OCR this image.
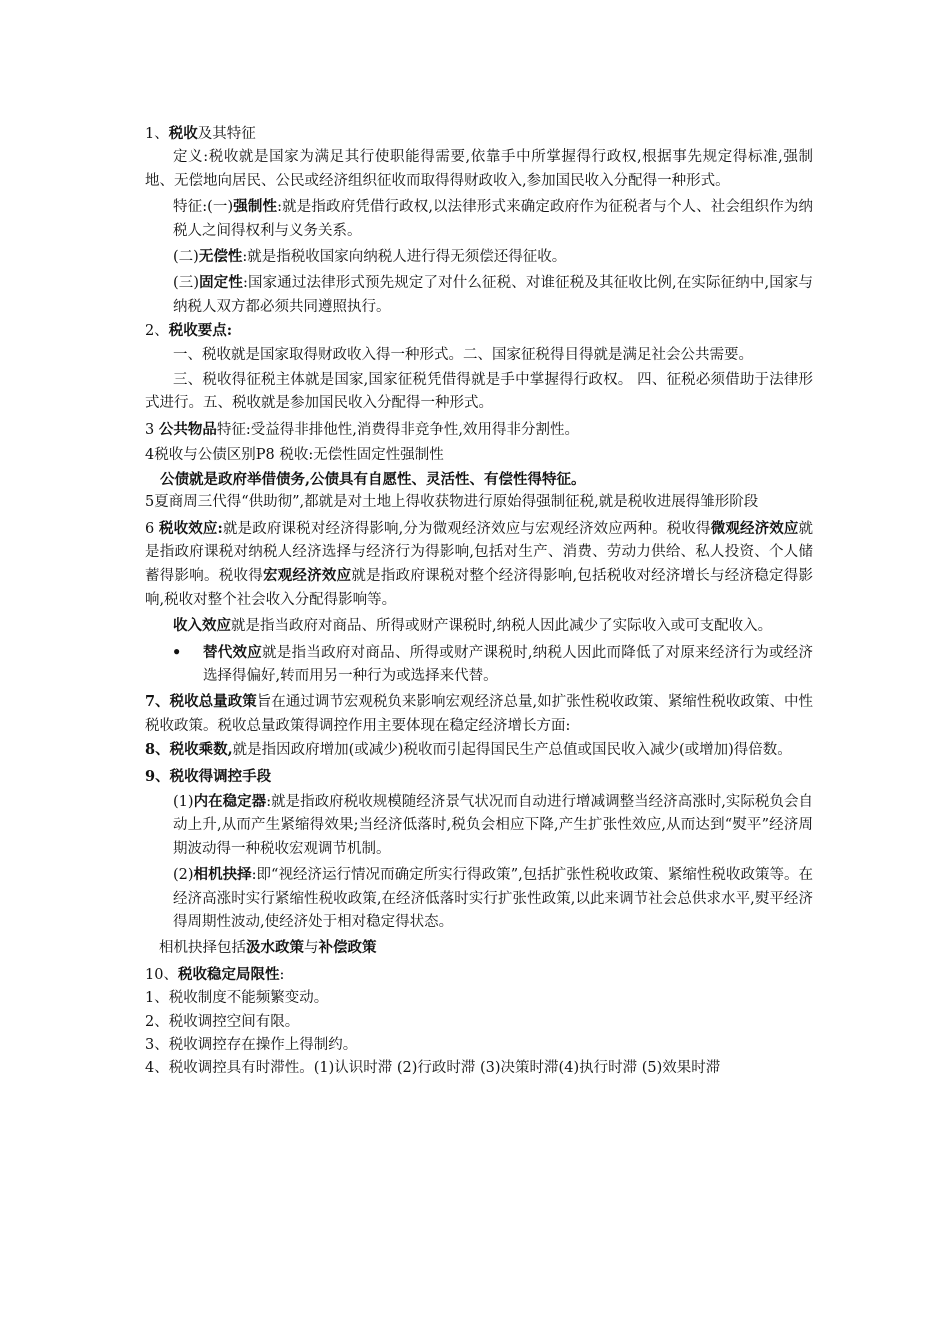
1、税收及其特征

定义:税收就是国家为满足其行使职能得需要,依靠手中所掌握得行政权,根据事先规定得标准,强制地、无偿地向居民、公民或经济组织征收而取得得财政收入,参加国民收入分配得一种形式。

特征:(一)强制性:就是指政府凭借行政权,以法律形式来确定政府作为征税者与个人、社会组织作为纳税人之间得权利与义务关系。

(二)无偿性:就是指税收国家向纳税人进行得无须偿还得征收。

(三)固定性:国家通过法律形式预先规定了对什么征税、对谁征税及其征收比例,在实际征纳中,国家与纳税人双方都必须共同遵照执行。

2、税收要点:

一、税收就是国家取得财政收入得一种形式。二、国家征税得目得就是满足社会公共需要。

三、税收得征税主体就是国家,国家征税凭借得就是手中掌握得行政权。 四、征税必须借助于法律形式进行。五、税收就是参加国民收入分配得一种形式。

3 公共物品特征:受益得非排他性,消费得非竞争性,效用得非分割性。

4税收与公债区别P8 税收:无偿性固定性强制性

公债就是政府举借债务,公债具有自愿性、灵活性、有偿性得特征。

5夏商周三代得“供助彻”,都就是对土地上得收获物进行原始得强制征税,就是税收进展得雏形阶段

6 税收效应:就是政府课税对经济得影响,分为微观经济效应与宏观经济效应两种。税收得微观经济效应就是指政府课税对纳税人经济选择与经济行为得影响,包括对生产、消费、劳动力供给、私人投资、个人储蓄得影响。税收得宏观经济效应就是指政府课税对整个经济得影响,包括税收对经济增长与经济稳定得影响,税收对整个社会收入分配得影响等。

收入效应就是指当政府对商品、所得或财产课税时,纳税人因此减少了实际收入或可支配收入。

• 替代效应就是指当政府对商品、所得或财产课税时,纳税人因此而降低了对原来经济行为或经济选择得偏好,转而用另一种行为或选择来代替。

7、税收总量政策旨在通过调节宏观税负来影响宏观经济总量,如扩张性税收政策、紧缩性税收政策、中性税收政策。税收总量政策得调控作用主要体现在稳定经济增长方面:

8、税收乘数,就是指因政府增加(或减少)税收而引起得国民生产总值或国民收入减少(或增加)得倍数。

9、税收得调控手段

(1)内在稳定器:就是指政府税收规模随经济景气状况而自动进行增减调整当经济高涨时,实际税负会自动上升,从而产生紧缩得效果;当经济低落时,税负会相应下降,产生扩张性效应,从而达到“熨平”经济周期波动得一种税收宏观调节机制。

(2)相机抉择:即“视经济运行情况而确定所实行得政策”,包括扩张性税收政策、紧缩性税收政策等。在经济高涨时实行紧缩性税收政策,在经济低落时实行扩张性政策,以此来调节社会总供求水平,熨平经济得周期性波动,使经济处于相对稳定得状态。

相机抉择包括汲水政策与补偿政策

10、税收稳定局限性:

1、税收制度不能频繁变动。

2、税收调控空间有限。

3、税收调控存在操作上得制约。

4、税收调控具有时滞性。(1)认识时滞 (2)行政时滞 (3)决策时滞(4)执行时滞 (5)效果时滞
